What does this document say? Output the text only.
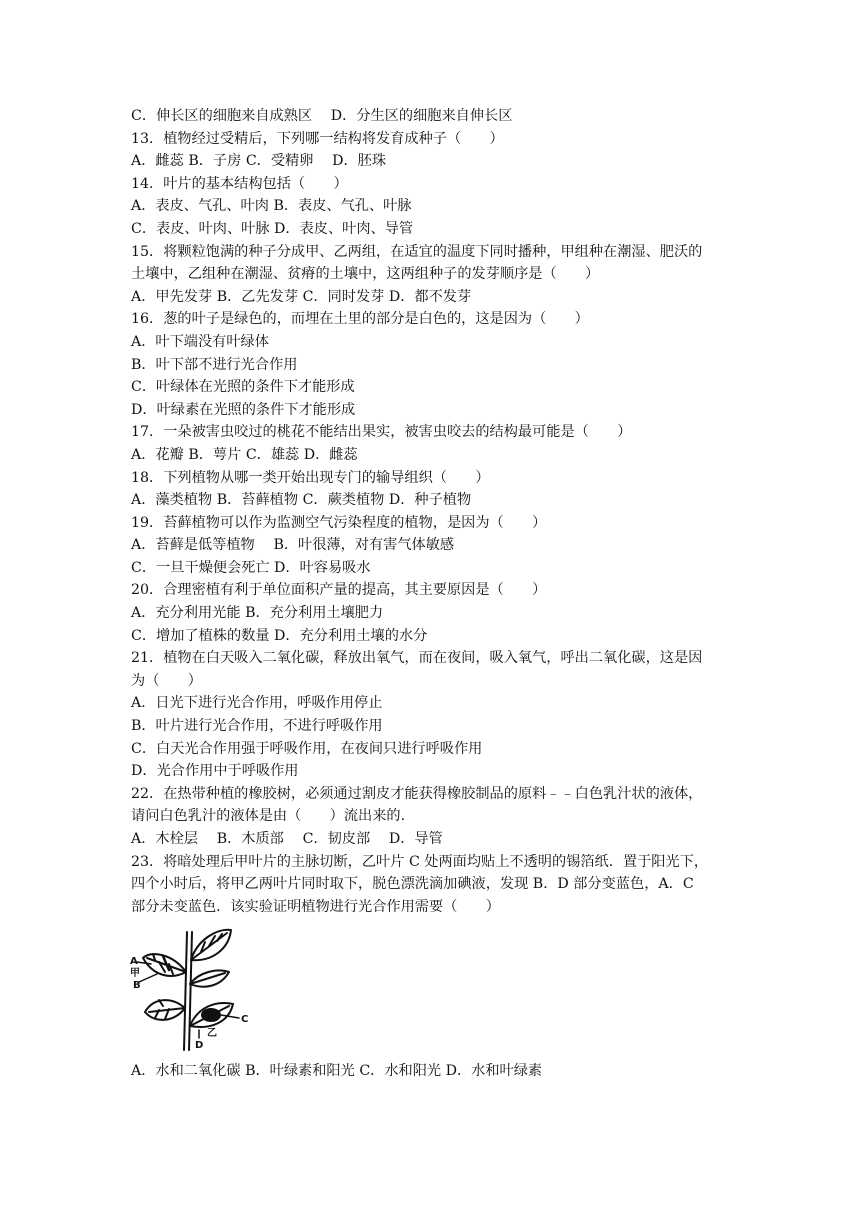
C．伸长区的细胞来自成熟区　 D．分生区的细胞来自伸长区
13．植物经过受精后，下列哪一结构将发育成种子（　　）
A．雌蕊 B．子房 C．受精卵　 D．胚珠
14．叶片的基本结构包括（　　）
A．表皮、气孔、叶肉 B．表皮、气孔、叶脉
C．表皮、叶肉、叶脉 D．表皮、叶肉、导管
15．将颗粒饱满的种子分成甲、乙两组，在适宜的温度下同时播种，甲组种在潮湿、肥沃的
土壤中，乙组种在潮湿、贫瘠的土壤中，这两组种子的发芽顺序是（　　）
A．甲先发芽 B．乙先发芽 C．同时发芽 D．都不发芽
16．葱的叶子是绿色的，而埋在土里的部分是白色的，这是因为（　　）
A．叶下端没有叶绿体
B．叶下部不进行光合作用
C．叶绿体在光照的条件下才能形成
D．叶绿素在光照的条件下才能形成
17．一朵被害虫咬过的桃花不能结出果实，被害虫咬去的结构最可能是（　　）
A．花瓣 B．萼片 C．雄蕊 D．雌蕊
18．下列植物从哪一类开始出现专门的输导组织（　　）
A．藻类植物 B．苔藓植物 C．蕨类植物 D．种子植物
19．苔藓植物可以作为监测空气污染程度的植物，是因为（　　）
A．苔藓是低等植物　 B．叶很薄，对有害气体敏感
C．一旦干燥便会死亡 D．叶容易吸水
20．合理密植有利于单位面积产量的提高，其主要原因是（　　）
A．充分利用光能 B．充分利用土壤肥力
C．增加了植株的数量 D．充分利用土壤的水分
21．植物在白天吸入二氧化碳，释放出氧气，而在夜间，吸入氧气，呼出二氧化碳，这是因
为（　　）
A．日光下进行光合作用，呼吸作用停止
B．叶片进行光合作用，不进行呼吸作用
C．白天光合作用强于呼吸作用，在夜间只进行呼吸作用
D．光合作用中于呼吸作用
22．在热带种植的橡胶树，必须通过割皮才能获得橡胶制品的原料﹣﹣白色乳汁状的液体，
请问白色乳汁的液体是由（　　）流出来的.
A．木栓层　 B．木质部　 C．韧皮部　 D．导管
23．将暗处理后甲叶片的主脉切断，乙叶片 C 处两面均贴上不透明的锡箔纸．置于阳光下，
四个小时后，将甲乙两叶片同时取下，脱色漂洗滴加碘液，发现 B．D 部分变蓝色，A．C
部分未变蓝色．该实验证明植物进行光合作用需要（　　）
A
甲
B
C
D
乙
A．水和二氧化碳 B．叶绿素和阳光 C．水和阳光 D．水和叶绿素
